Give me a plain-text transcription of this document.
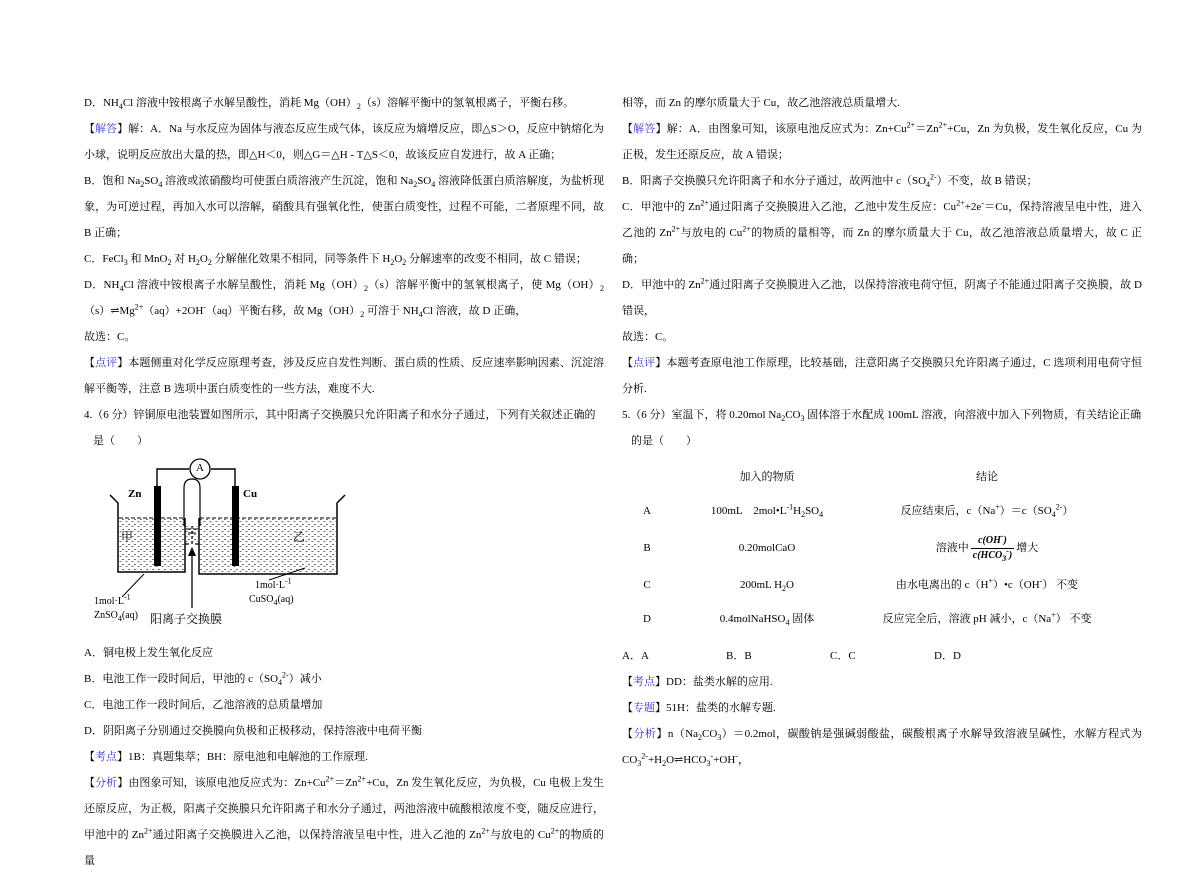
D．$NH_4Cl$ 溶液中铵根离子水解呈酸性，消耗 $Mg(OH)_2(s)$溶解平衡中的氢氧根离子，平衡右移。

【解答】解：A．Na 与水反应为固体与液态反应生成气体，该反应为熵增反应，即△S＞O，反应中钠熔化为小球，说明反应放出大量的热，即△H＜0，则△G＝△H - T△S＜0，故该反应自发进行，故 A 正确；

B．饱和 $Na_2SO_4$ 溶液或浓硝酸均可使蛋白质溶液产生沉淀，饱和 $Na_2SO_4$ 溶液降低蛋白质溶解度，为盐析现象，为可逆过程，再加入水可以溶解，硝酸具有强氧化性，使蛋白质变性，过程不可能，二者原理不同，故 B 正确；

C．FeCl$_3$ 和 MnO$_2$ 对 $H_2O_2$ 分解催化效果不相同，同等条件下 $H_2O_2$ 分解速率的改变不相同，故 C 错误；

D．$NH_4Cl$ 溶液中铵根离子水解呈酸性，消耗 $Mg(OH)_2(s)$溶解平衡中的氢氧根离子，使 $Mg(OH)_2(s)\rightleftharpoons Mg^{2+}(aq)+2OH^-(aq)$平衡右移，故 $Mg(OH)_2$ 可溶于 $NH_4Cl$ 溶液，故 D 正确，

故选：C。

【点评】本题侧重对化学反应原理考查，涉及反应自发性判断、蛋白质的性质、反应速率影响因素、沉淀溶解平衡等，注意 B 选项中蛋白质变性的一些方法，难度不大.

4.（6 分）锌铜原电池装置如图所示，其中阳离子交换膜只允许阳离子和水分子通过，下列有关叙述正确的是（　　）

A
Zn	Cu
甲	乙
阳离子交换膜
$1mol\cdot L^{-1}$
ZnSO$_4$(aq)
$1mol\cdot L^{-1}$
CuSO$_4$(aq)

A．铜电极上发生氧化反应

B．电池工作一段时间后，甲池的 $c(SO_4^{2-})$减小

C．电池工作一段时间后，乙池溶液的总质量增加

D．阴阳离子分别通过交换膜向负极和正极移动，保持溶液中电荷平衡

【考点】1B：真题集萃；BH：原电池和电解池的工作原理.

【分析】由图象可知，该原电池反应式为：$Zn+Cu^{2+}=Zn^{2+}+Cu$，Zn 发生氧化反应，为负极，Cu 电极上发生还原反应，为正极，阳离子交换膜只允许阳离子和水分子通过，两池溶液中硫酸根浓度不变，随反应进行，甲池中的 $Zn^{2+}$通过阳离子交换膜进入乙池，以保持溶液呈电中性，进入乙池的 $Zn^{2+}$与放电的 $Cu^{2+}$的物质的量

相等，而 Zn 的摩尔质量大于 Cu，故乙池溶液总质量增大.

【解答】解：A．由图象可知，该原电池反应式为：$Zn+Cu^{2+}=Zn^{2+}+Cu$，Zn 为负极，发生氧化反应，Cu 为正极，发生还原反应，故 A 错误；

B．阳离子交换膜只允许阳离子和水分子通过，故两池中 $c(SO_4^{2-})$不变，故 B 错误；

C．甲池中的 $Zn^{2+}$通过阳离子交换膜进入乙池，乙池中发生反应：$Cu^{2+}+2e^-=Cu$，保持溶液呈电中性，进入乙池的 $Zn^{2+}$与放电的 $Cu^{2+}$的物质的量相等，而 Zn 的摩尔质量大于 Cu，故乙池溶液总质量增大，故 C 正确；

D．甲池中的 $Zn^{2+}$通过阳离子交换膜进入乙池，以保持溶液电荷守恒，阴离子不能通过阳离子交换膜，故 D 错误，

故选：C。

【点评】本题考查原电池工作原理，比较基础，注意阳离子交换膜只允许阳离子通过，C 选项利用电荷守恒分析.

5.（6 分）室温下，将 0.20mol $Na_2CO_3$ 固体溶于水配成 100mL 溶液，向溶液中加入下列物质，有关结论正确的是（　　）

加入的物质	结论
A	100mL　$2mol•L^{-1}H_2SO_4$	反应结束后，$c(Na^+)=c(SO_4^{2-})$
B	0.20molCaO	溶液中 $\frac{c(OH^-)}{c(HCO_3^-)}$ 增大
C	200mL $H_2O$	由水电离出的 c（H+）•c（OH-） 不变
D	0.4molNaHSO$_4$ 固体	反应完全后，溶液 pH 减小，c（Na+） 不变
A．A	B．B	C．C	D．D

【考点】DD：盐类水解的应用.

【专题】51H：盐类的水解专题.

【分析】$n(Na_2CO_3)=0.2mol$，碳酸钠是强碱弱酸盐，碳酸根离子水解导致溶液呈碱性，水解方程式为 $CO_3^{2-}+H_2O\rightleftharpoons HCO_3^-+OH^-$，
